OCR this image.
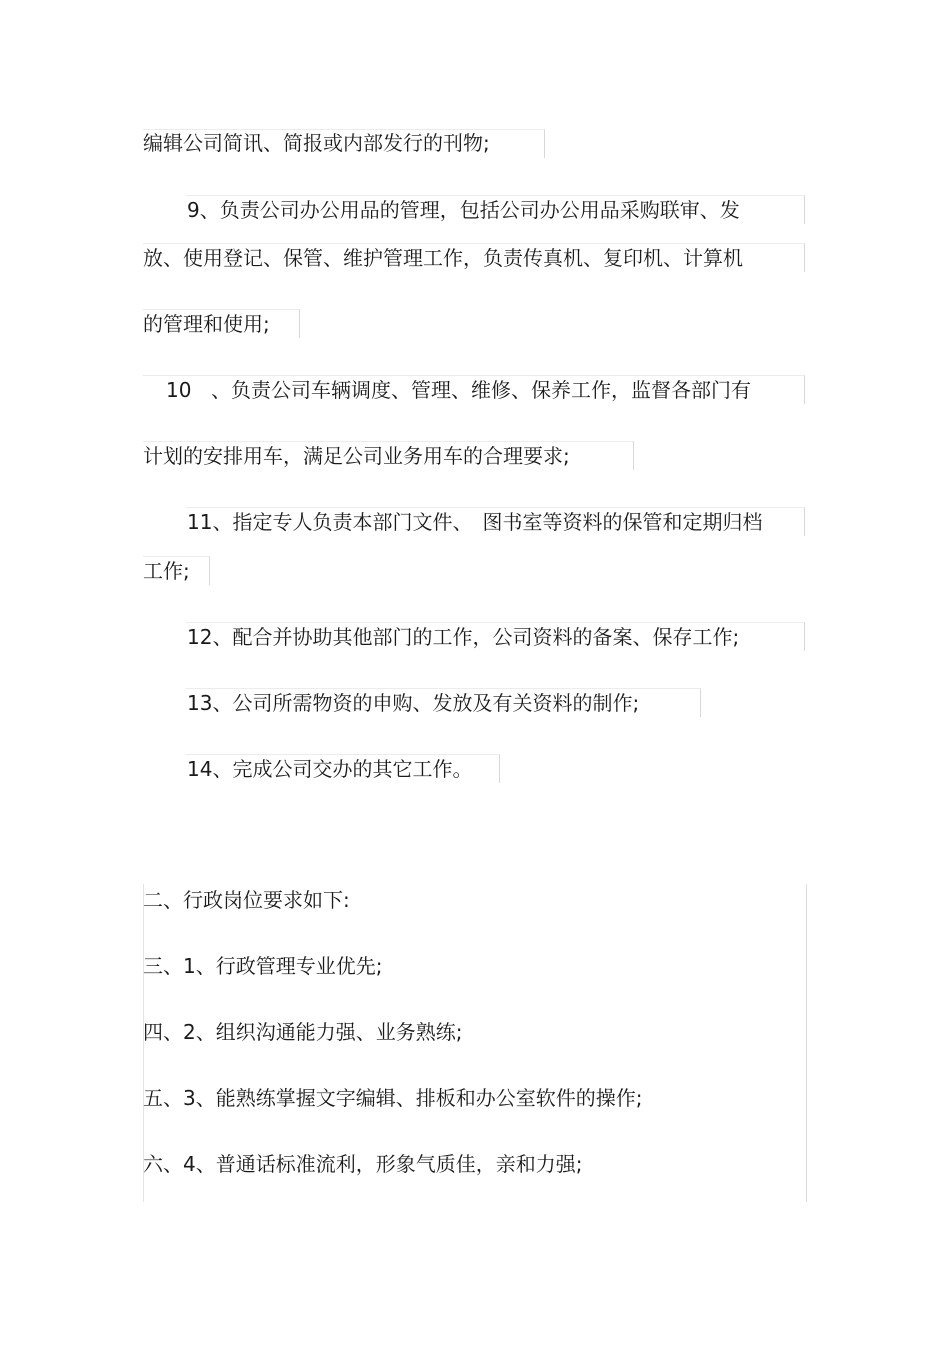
编辑公司简讯、简报或内部发行的刊物;
9、负责公司办公用品的管理，包括公司办公用品采购联审、发
放、使用登记、保管、维护管理工作，负责传真机、复印机、计算机
的管理和使用;
10 、负责公司车辆调度、管理、维修、保养工作，监督各部门有
计划的安排用车，满足公司业务用车的合理要求;
11、指定专人负责本部门文件、　图书室等资料的保管和定期归档
工作;
12、配合并协助其他部门的工作，公司资料的备案、保存工作;
13、公司所需物资的申购、发放及有关资料的制作;
14、完成公司交办的其它工作。
二、行政岗位要求如下:
三、1、行政管理专业优先;
四、2、组织沟通能力强、业务熟练;
五、3、能熟练掌握文字编辑、排板和办公室软件的操作;
六、4、普通话标准流利，形象气质佳，亲和力强;
